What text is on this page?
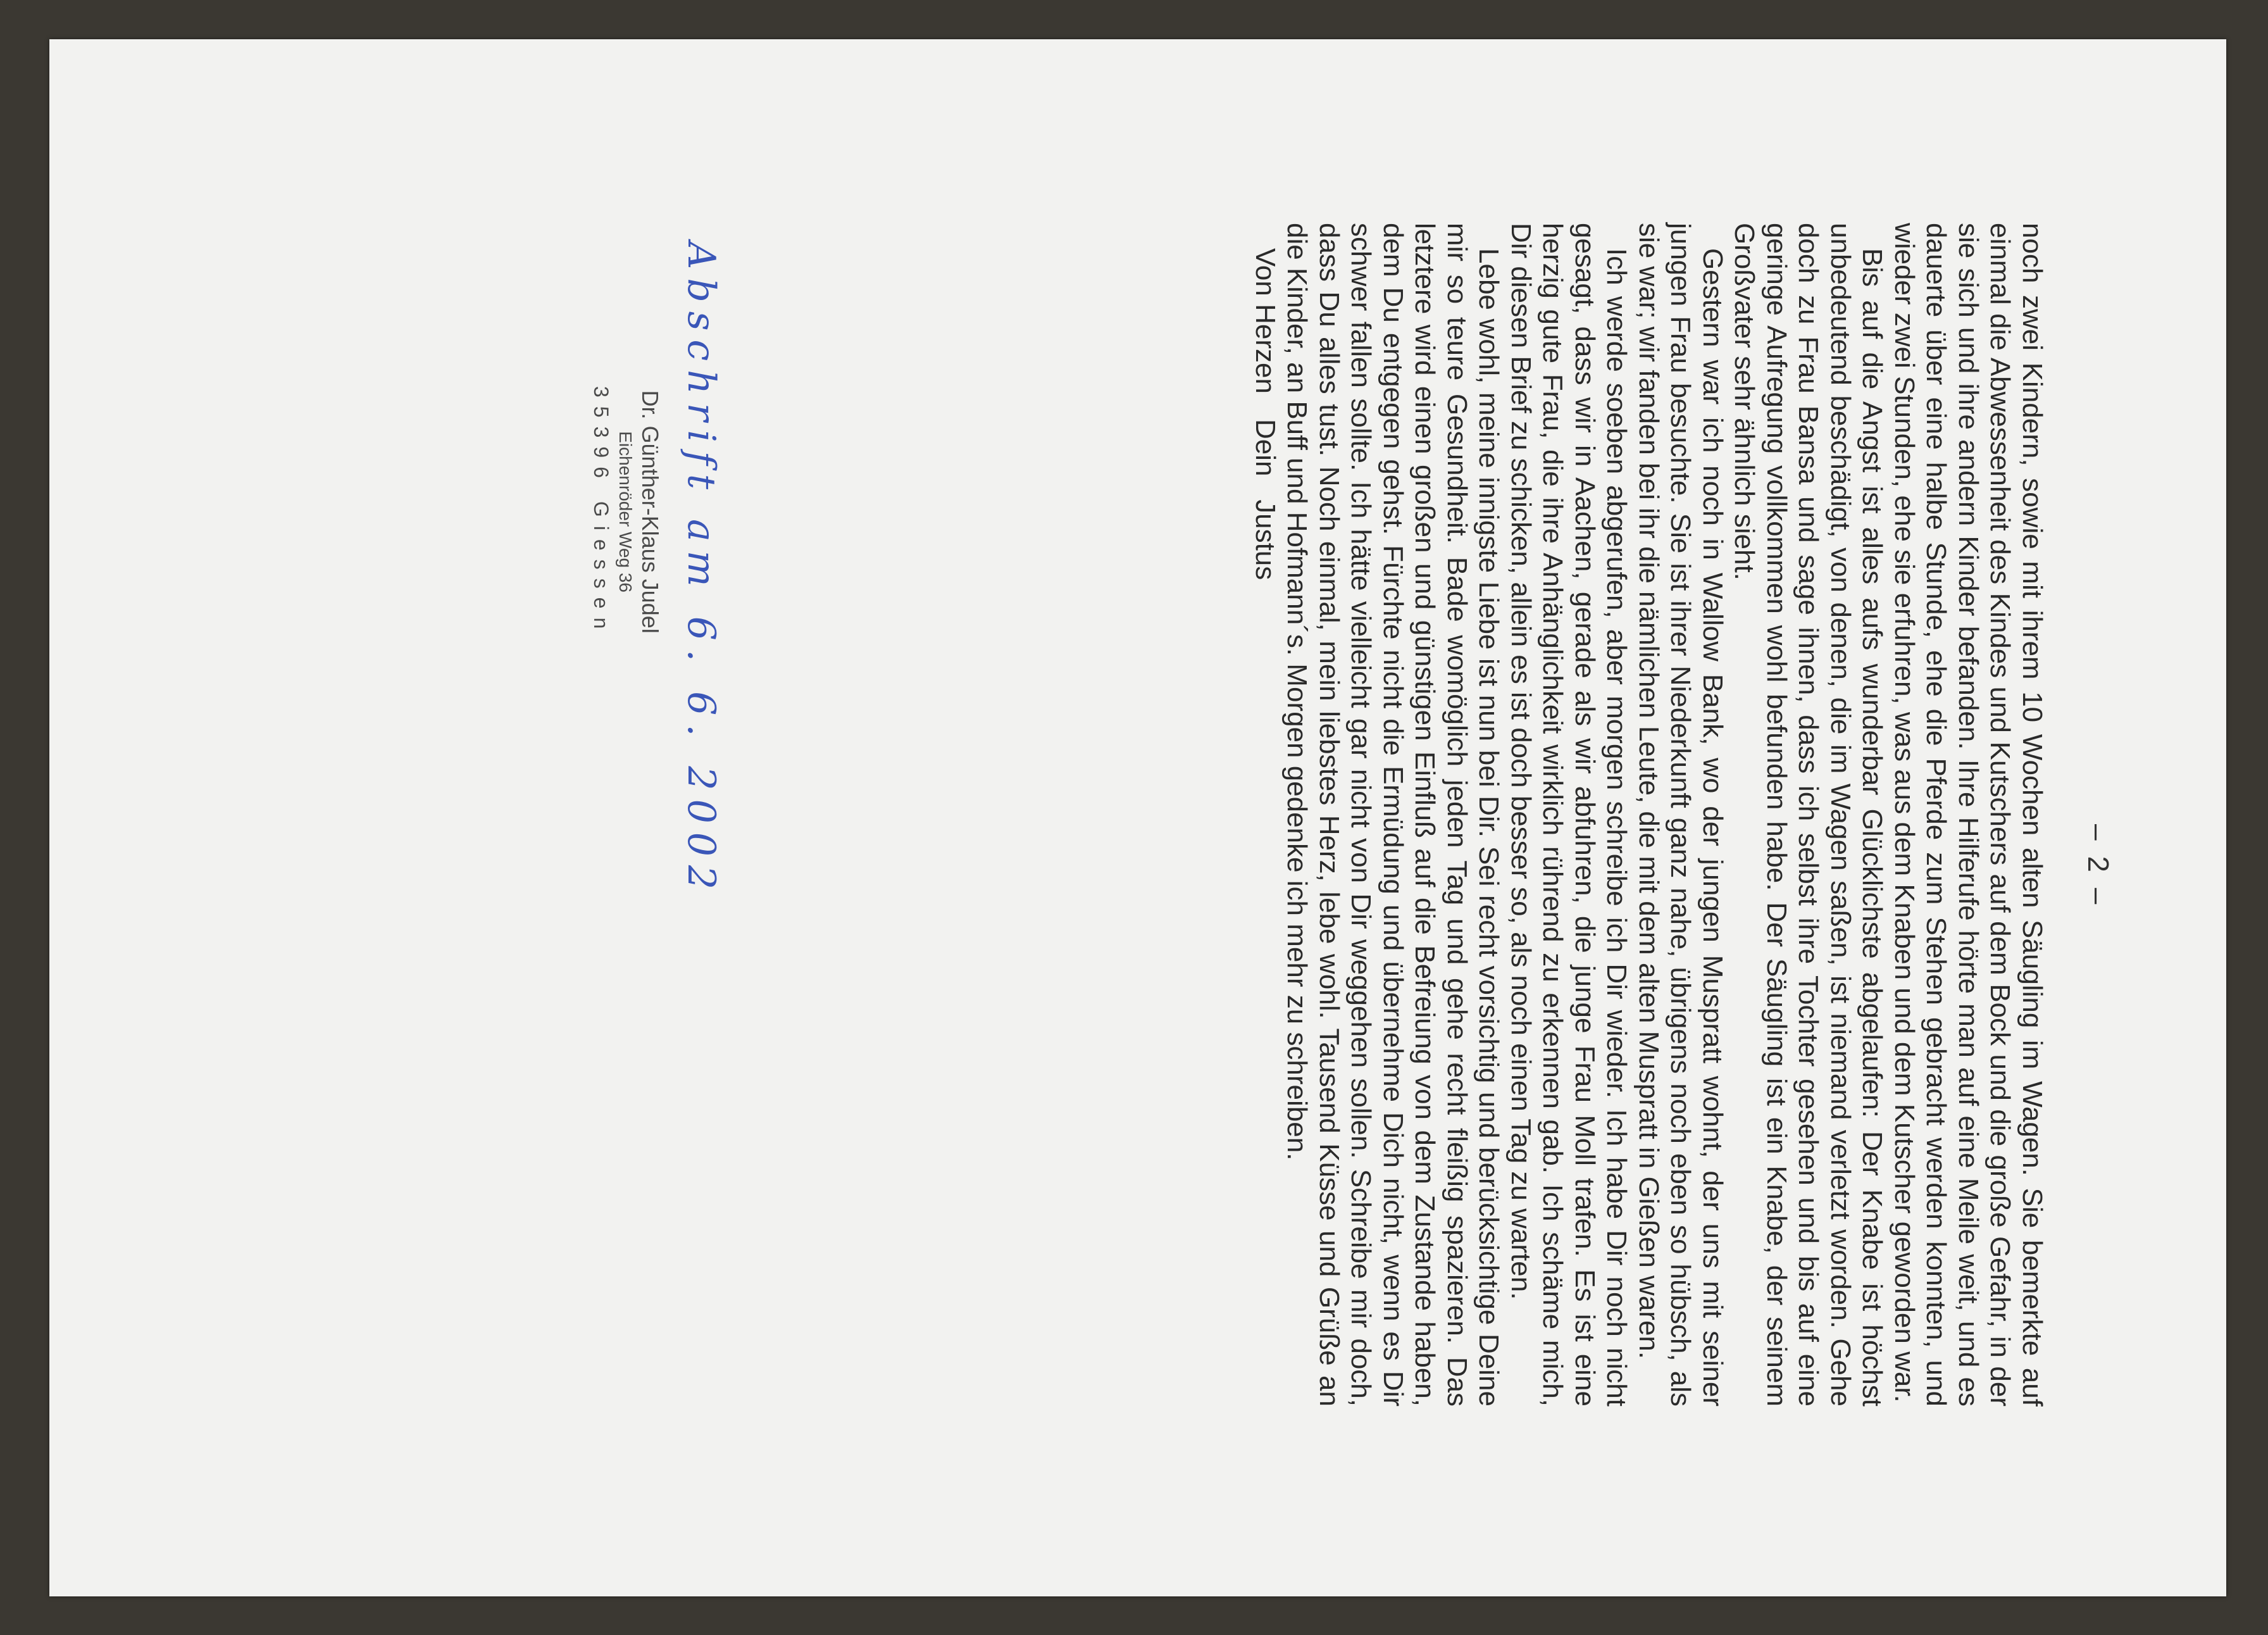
– 2 –

noch zwei Kindern, sowie mit ihrem 10 Wochen alten Säugling im Wagen. Sie bemerkte auf einmal die Abwessenheit des Kindes und Kutschers auf dem Bock und die große Gefahr, in der sie sich und ihre andern Kinder befanden. Ihre Hilferufe hörte man auf eine Meile weit, und es dauerte über eine halbe Stunde, ehe die Pferde zum Stehen gebracht werden konnten, und wieder zwei Stunden, ehe sie erfuhren, was aus dem Knaben und dem Kutscher geworden war.

Bis auf die Angst ist alles aufs wunderbar Glücklichste abgelaufen: Der Knabe ist höchst unbedeutend beschädigt, von denen, die im Wagen saßen, ist niemand verletzt worden. Gehe doch zu Frau Bansa und sage ihnen, dass ich selbst ihre Tochter gesehen und bis auf eine geringe Aufregung vollkommen wohl befunden habe. Der Säugling ist ein Knabe, der seinem Großvater sehr ähnlich sieht.

Gestern war ich noch in Wallow Bank, wo der jungen Muspratt wohnt, der uns mit seiner jungen Frau besuchte. Sie ist ihrer Niederkunft ganz nahe, übrigens noch eben so hübsch, als sie war; wir fanden bei ihr die nämlichen Leute, die mit dem alten Muspratt in Gießen waren.

Ich werde soeben abgerufen, aber morgen schreibe ich Dir wieder. Ich habe Dir noch nicht gesagt, dass wir in Aachen, gerade als wir abfuhren, die junge Frau Moll trafen. Es ist eine herzig gute Frau, die ihre Anhänglichkeit wirklich rührend zu erkennen gab. Ich schäme mich, Dir diesen Brief zu schicken, allein es ist doch besser so, als noch einen Tag zu warten.

Lebe wohl, meine innigste Liebe ist nun bei Dir. Sei recht vorsichtig und berücksichtige Deine mir so teure Gesundheit. Bade womöglich jeden Tag und gehe recht fleißig spazieren. Das letztere wird einen großen und günstigen Einfluß auf die Befreiung von dem Zustande haben, dem Du entgegen gehst. Fürchte nicht die Ermüdung und übernehme Dich nicht, wenn es Dir schwer fallen sollte. Ich hätte vielleicht gar nicht von Dir weggehen sollen. Schreibe mir doch, dass Du alles tust. Noch einmal, mein liebstes Herz, lebe wohl. Tausend Küsse und Grüße an die Kinder, an Buff und Hofmann´s. Morgen gedenke ich mehr zu schreiben.

Von HerzenDein   Justus

Abschrift am 6. 6. 2002
Dr. Günther-Klaus Judel
Eichenröder Weg 36
35396 Giessen
